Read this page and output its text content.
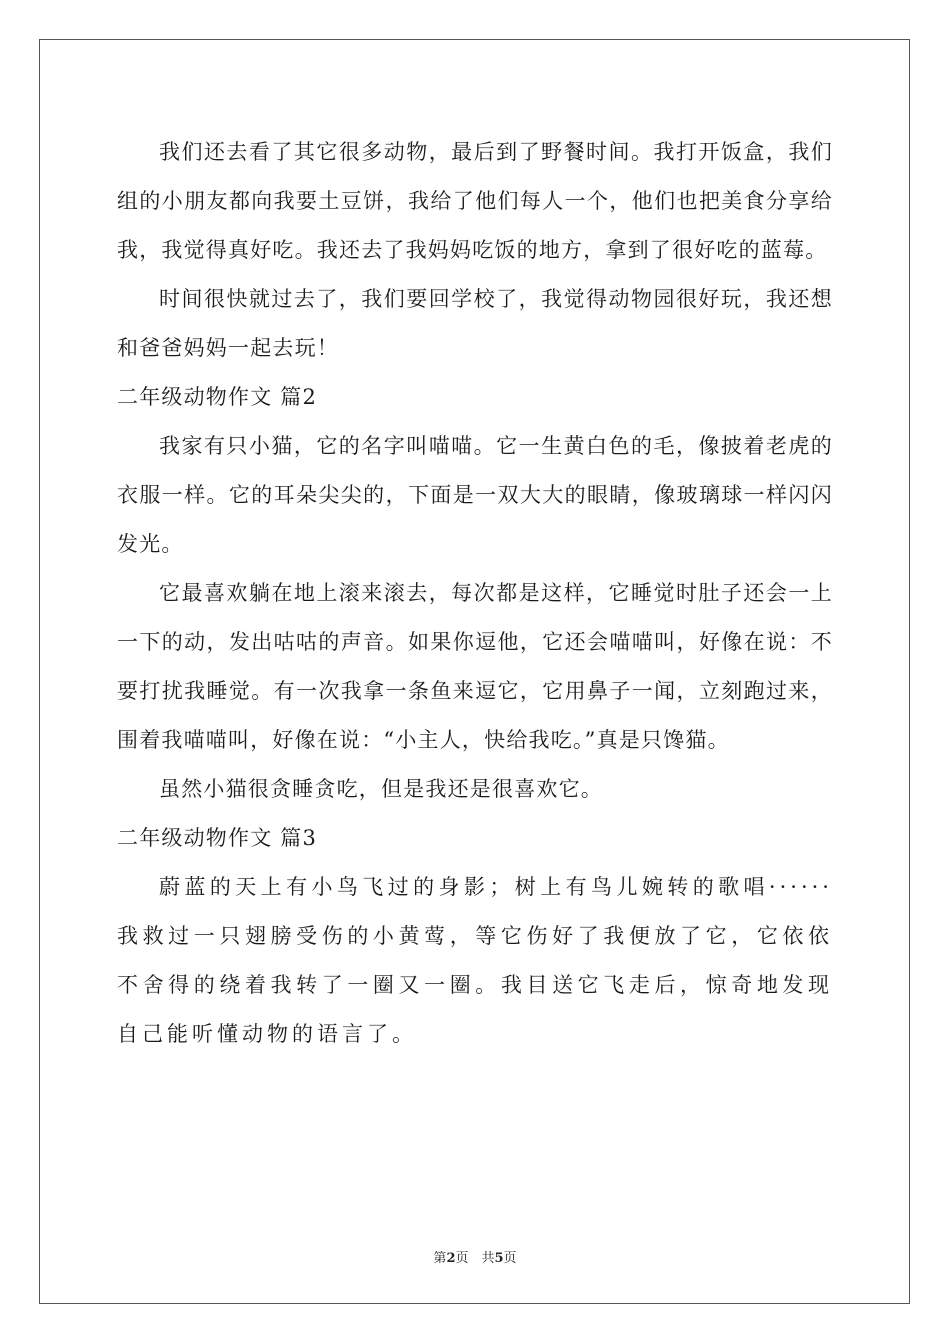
我们还去看了其它很多动物，最后到了野餐时间。我打开饭盒，我们组的小朋友都向我要土豆饼，我给了他们每人一个，他们也把美食分享给我，我觉得真好吃。我还去了我妈妈吃饭的地方，拿到了很好吃的蓝莓。

时间很快就过去了，我们要回学校了，我觉得动物园很好玩，我还想和爸爸妈妈一起去玩！

二年级动物作文 篇2

我家有只小猫，它的名字叫喵喵。它一生黄白色的毛，像披着老虎的衣服一样。它的耳朵尖尖的，下面是一双大大的眼睛，像玻璃球一样闪闪发光。

它最喜欢躺在地上滚来滚去，每次都是这样，它睡觉时肚子还会一上一下的动，发出咕咕的声音。如果你逗他，它还会喵喵叫，好像在说：不要打扰我睡觉。有一次我拿一条鱼来逗它，它用鼻子一闻，立刻跑过来，围着我喵喵叫，好像在说：“小主人，快给我吃。”真是只馋猫。

虽然小猫很贪睡贪吃，但是我还是很喜欢它。

二年级动物作文 篇3

蔚蓝的天上有小鸟飞过的身影；树上有鸟儿婉转的歌唱······我救过一只翅膀受伤的小黄莺，等它伤好了我便放了它，它依依不舍得的绕着我转了一圈又一圈。我目送它飞走后，惊奇地发现自己能听懂动物的语言了。

第2页　共5页
